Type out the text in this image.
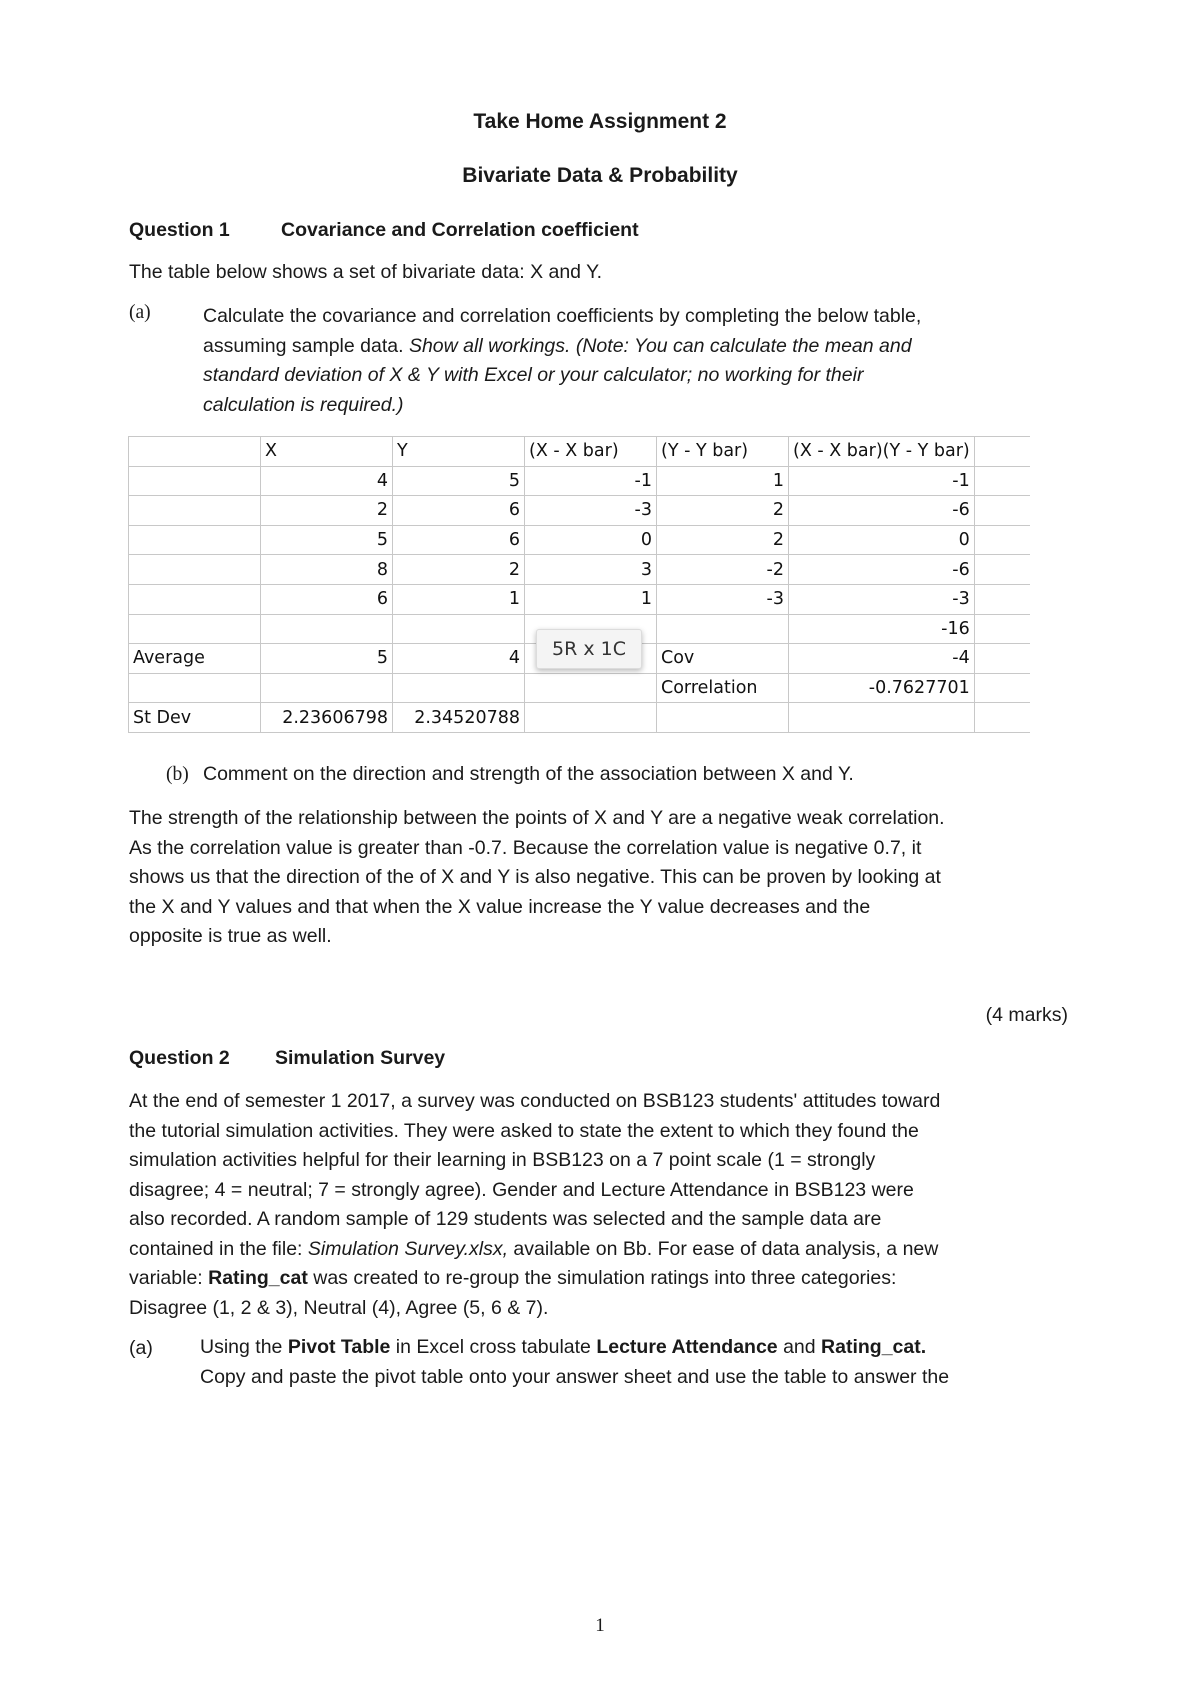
Take Home Assignment 2
Bivariate Data & Probability
Question 1	Covariance and Correlation coefficient
The table below shows a set of bivariate data: X and Y.
(a)	Calculate the covariance and correlation coefficients by completing the below table,
assuming sample data. Show all workings. (Note: You can calculate the mean and
standard deviation of X & Y with Excel or your calculator; no working for their
calculation is required.)
	X	Y	(X - X bar)	(Y - Y bar)	(X - X bar)(Y - Y bar)	
	4	5	-1	1	-1	
	2	6	-3	2	-6	
	5	6	0	2	0	
	8	2	3	-2	-6	
	6	1	1	-3	-3	
					-16	
Average	5	4		Cov	-4	
				Correlation	-0.7627701	
St Dev	2.23606798	2.34520788				
5R x 1C
(b) Comment on the direction and strength of the association between X and Y.
The strength of the relationship between the points of X and Y are a negative weak correlation.
As the correlation value is greater than -0.7. Because the correlation value is negative 0.7, it
shows us that the direction of the of X and Y is also negative. This can be proven by looking at
the X and Y values and that when the X value increase the Y value decreases and the
opposite is true as well.
(4 marks)
Question 2 Simulation Survey
At the end of semester 1 2017, a survey was conducted on BSB123 students' attitudes toward
the tutorial simulation activities. They were asked to state the extent to which they found the
simulation activities helpful for their learning in BSB123 on a 7 point scale (1 = strongly
disagree; 4 = neutral; 7 = strongly agree). Gender and Lecture Attendance in BSB123 were
also recorded. A random sample of 129 students was selected and the sample data are
contained in the file: Simulation Survey.xlsx, available on Bb. For ease of data analysis, a new
variable: Rating_cat was created to re-group the simulation ratings into three categories:
Disagree (1, 2 & 3), Neutral (4), Agree (5, 6 & 7).
(a) Using the Pivot Table in Excel cross tabulate Lecture Attendance and Rating_cat.
Copy and paste the pivot table onto your answer sheet and use the table to answer the
1
